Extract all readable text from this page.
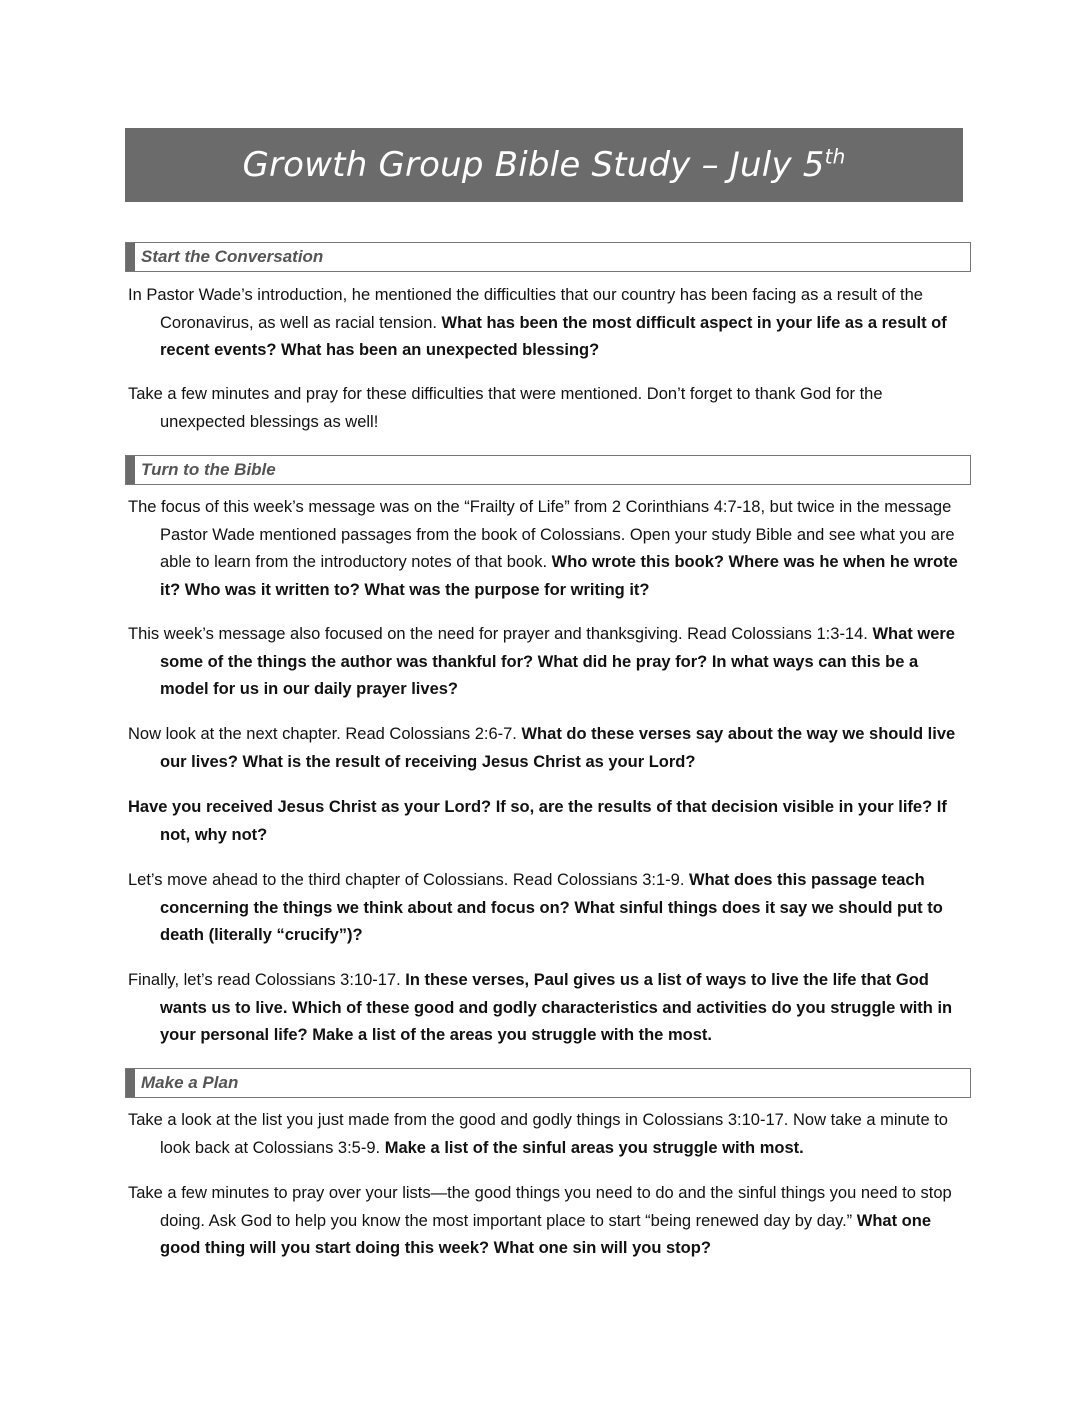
Growth Group Bible Study – July 5th
Start the Conversation

In Pastor Wade’s introduction, he mentioned the difficulties that our country has been facing as a result of the Coronavirus, as well as racial tension. What has been the most difficult aspect in your life as a result of recent events? What has been an unexpected blessing?

Take a few minutes and pray for these difficulties that were mentioned. Don’t forget to thank God for the unexpected blessings as well!

Turn to the Bible

The focus of this week’s message was on the “Frailty of Life” from 2 Corinthians 4:7-18, but twice in the message Pastor Wade mentioned passages from the book of Colossians. Open your study Bible and see what you are able to learn from the introductory notes of that book. Who wrote this book? Where was he when he wrote it? Who was it written to? What was the purpose for writing it?

This week’s message also focused on the need for prayer and thanksgiving. Read Colossians 1:3-14. What were some of the things the author was thankful for? What did he pray for? In what ways can this be a model for us in our daily prayer lives?

Now look at the next chapter. Read Colossians 2:6-7. What do these verses say about the way we should live our lives? What is the result of receiving Jesus Christ as your Lord?

Have you received Jesus Christ as your Lord? If so, are the results of that decision visible in your life? If not, why not?

Let’s move ahead to the third chapter of Colossians. Read Colossians 3:1-9. What does this passage teach concerning the things we think about and focus on? What sinful things does it say we should put to death (literally “crucify”)?

Finally, let’s read Colossians 3:10-17. In these verses, Paul gives us a list of ways to live the life that God wants us to live. Which of these good and godly characteristics and activities do you struggle with in your personal life? Make a list of the areas you struggle with the most.

Make a Plan

Take a look at the list you just made from the good and godly things in Colossians 3:10-17. Now take a minute to look back at Colossians 3:5-9. Make a list of the sinful areas you struggle with most.

Take a few minutes to pray over your lists—the good things you need to do and the sinful things you need to stop doing. Ask God to help you know the most important place to start “being renewed day by day.” What one good thing will you start doing this week? What one sin will you stop?
